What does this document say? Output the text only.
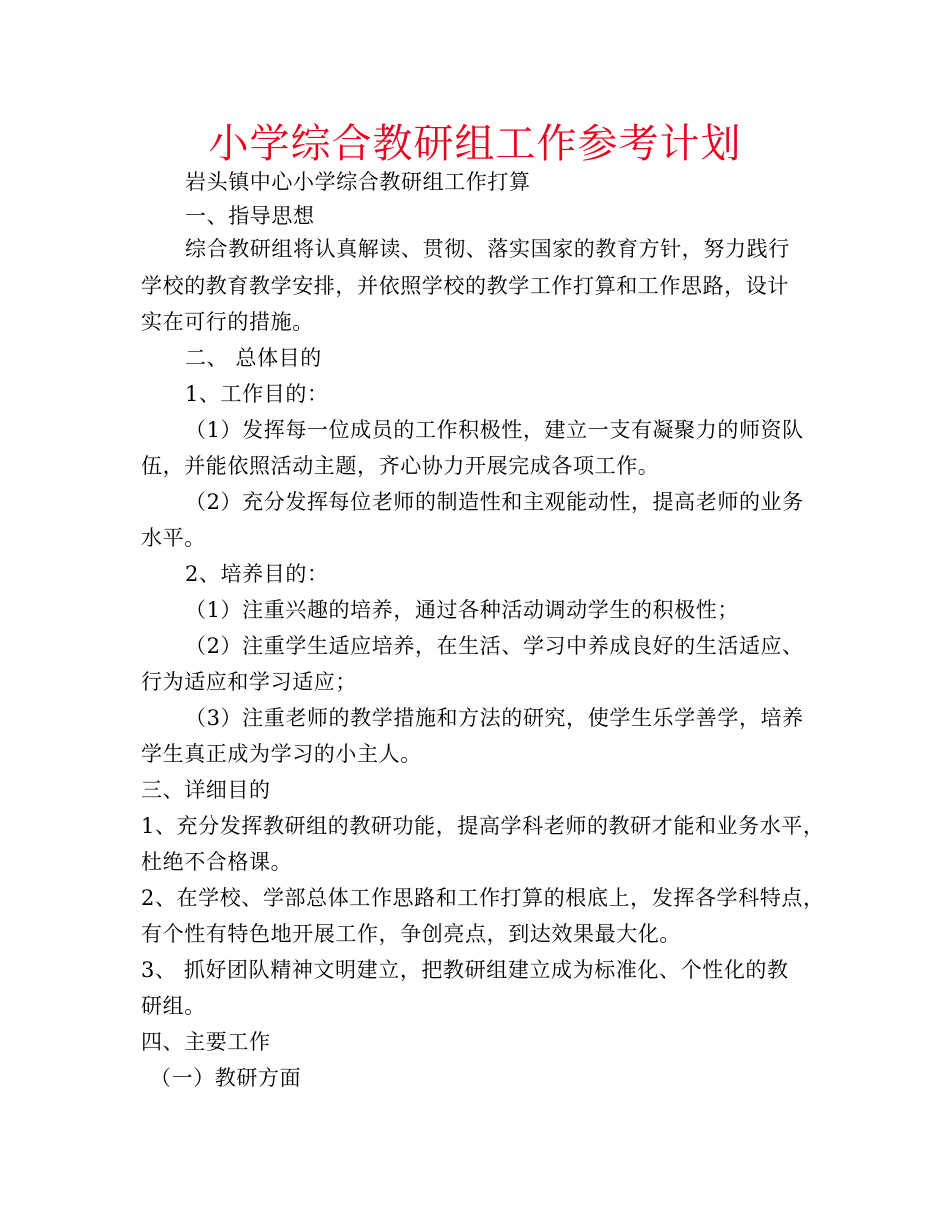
小学综合教研组工作参考计划
岩头镇中心小学综合教研组工作打算
一、指导思想
综合教研组将认真解读、贯彻、落实国家的教育方针，努力践行
学校的教育教学安排，并依照学校的教学工作打算和工作思路，设计
实在可行的措施。
二、 总体目的
1、工作目的：
（1）发挥每一位成员的工作积极性，建立一支有凝聚力的师资队
伍，并能依照活动主题，齐心协力开展完成各项工作。
（2）充分发挥每位老师的制造性和主观能动性，提高老师的业务
水平。
2、培养目的：
（1）注重兴趣的培养，通过各种活动调动学生的积极性；
（2）注重学生适应培养，在生活、学习中养成良好的生活适应、
行为适应和学习适应；
（3）注重老师的教学措施和方法的研究，使学生乐学善学，培养
学生真正成为学习的小主人。
三、详细目的
1、充分发挥教研组的教研功能，提高学科老师的教研才能和业务水平，
杜绝不合格课。
2、在学校、学部总体工作思路和工作打算的根底上，发挥各学科特点，
有个性有特色地开展工作，争创亮点，到达效果最大化。
3、 抓好团队精神文明建立，把教研组建立成为标准化、个性化的教
研组。
四、主要工作
（一）教研方面
